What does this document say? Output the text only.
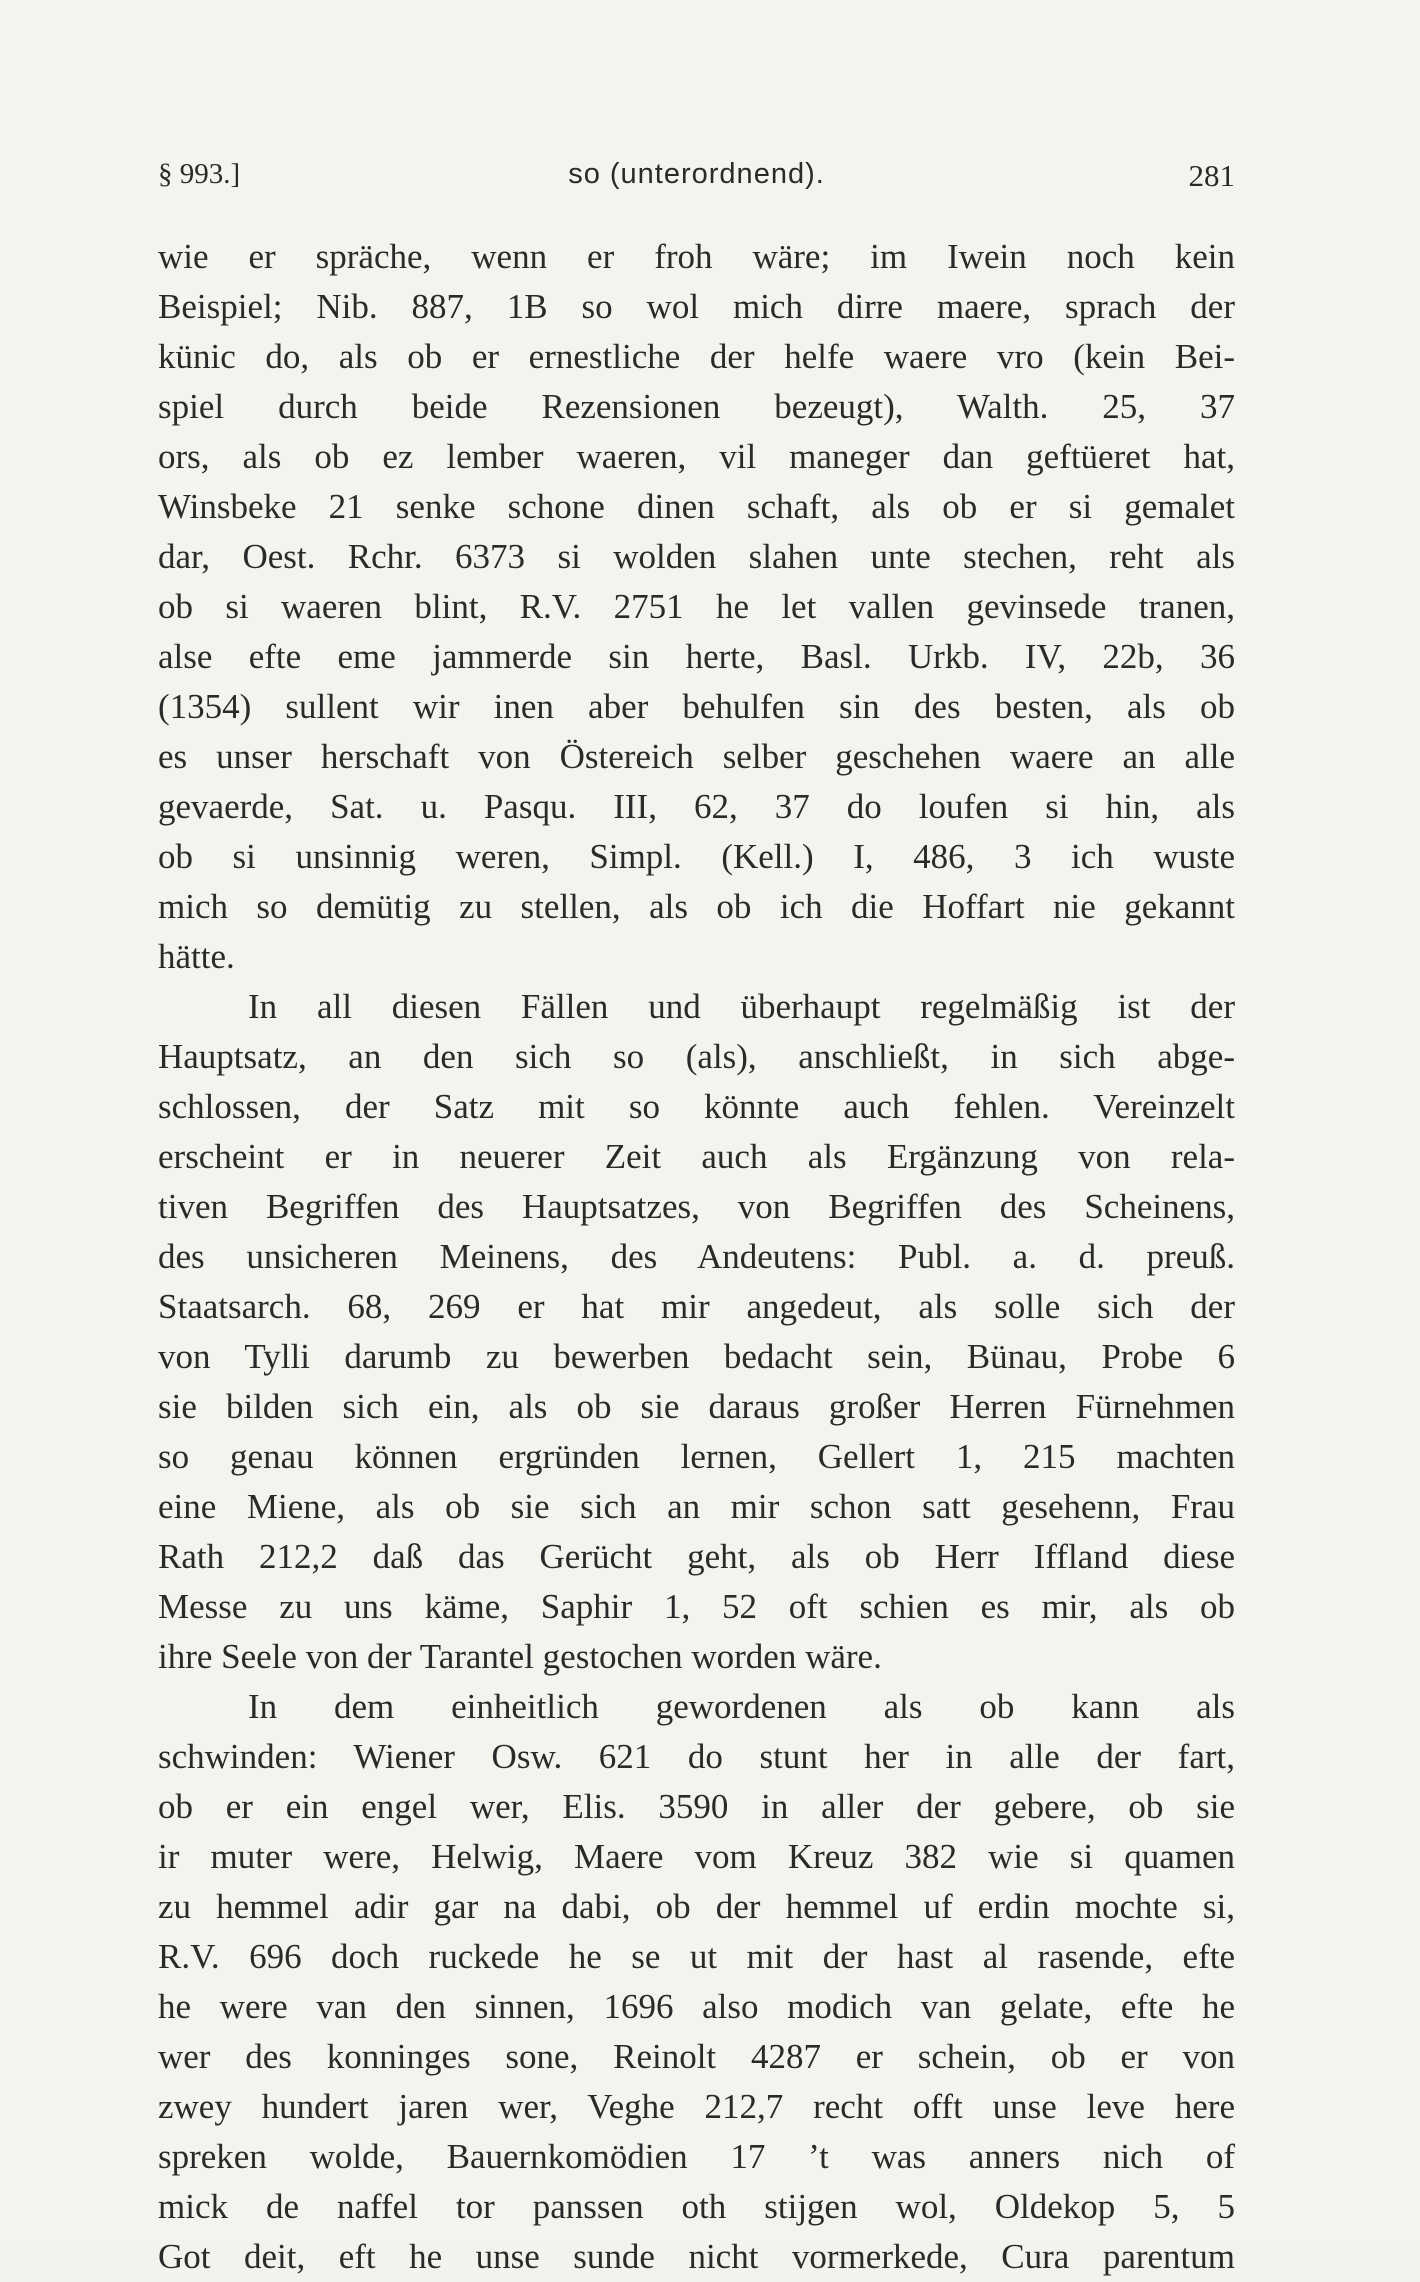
§ 993.]	so (unterordnend).	281
wie er spräche, wenn er froh wäre; im Iwein noch kein
Beispiel; Nib. 887, 1B so wol mich dirre maere, sprach der
künic do, als ob er ernestliche der helfe waere vro (kein Bei-
spiel durch beide Rezensionen bezeugt), Walth. 25, 37
ors, als ob ez lember waeren, vil maneger dan geftüeret hat,
Winsbeke 21 senke schone dinen schaft, als ob er si gemalet
dar, Oest. Rchr. 6373 si wolden slahen unte stechen, reht als
ob si waeren blint, R.V. 2751 he let vallen gevinsede tranen,
alse efte eme jammerde sin herte, Basl. Urkb. IV, 22b, 36
(1354) sullent wir inen aber behulfen sin des besten, als ob
es unser herschaft von Östereich selber geschehen waere an alle
gevaerde, Sat. u. Pasqu. III, 62, 37 do loufen si hin, als
ob si unsinnig weren, Simpl. (Kell.) I, 486, 3 ich wuste
mich so demütig zu stellen, als ob ich die Hoffart nie gekannt
hätte.
In all diesen Fällen und überhaupt regelmäßig ist der
Hauptsatz, an den sich so (als), anschließt, in sich abge-
schlossen, der Satz mit so könnte auch fehlen. Vereinzelt
erscheint er in neuerer Zeit auch als Ergänzung von rela-
tiven Begriffen des Hauptsatzes, von Begriffen des Scheinens,
des unsicheren Meinens, des Andeutens: Publ. a. d. preuß.
Staatsarch. 68, 269 er hat mir angedeut, als solle sich der
von Tylli darumb zu bewerben bedacht sein, Bünau, Probe 6
sie bilden sich ein, als ob sie daraus großer Herren Fürnehmen
so genau können ergründen lernen, Gellert 1, 215 machten
eine Miene, als ob sie sich an mir schon satt gesehenn, Frau
Rath 212,2 daß das Gerücht geht, als ob Herr Iffland diese
Messe zu uns käme, Saphir 1, 52 oft schien es mir, als ob
ihre Seele von der Tarantel gestochen worden wäre.
In dem einheitlich gewordenen als ob kann als
schwinden: Wiener Osw. 621 do stunt her in alle der fart,
ob er ein engel wer, Elis. 3590 in aller der gebere, ob sie
ir muter were, Helwig, Maere vom Kreuz 382 wie si quamen
zu hemmel adir gar na dabi, ob der hemmel uf erdin mochte si,
R.V. 696 doch ruckede he se ut mit der hast al rasende, efte
he were van den sinnen, 1696 also modich van gelate, efte he
wer des konninges sone, Reinolt 4287 er schein, ob er von
zwey hundert jaren wer, Veghe 212,7 recht offt unse leve here
spreken wolde, Bauernkomödien 17 ’t was anners nich of
mick de naffel tor panssen oth stijgen wol, Oldekop 5, 5
Got deit, eft he unse sunde nicht vormerkede, Cura parentum
